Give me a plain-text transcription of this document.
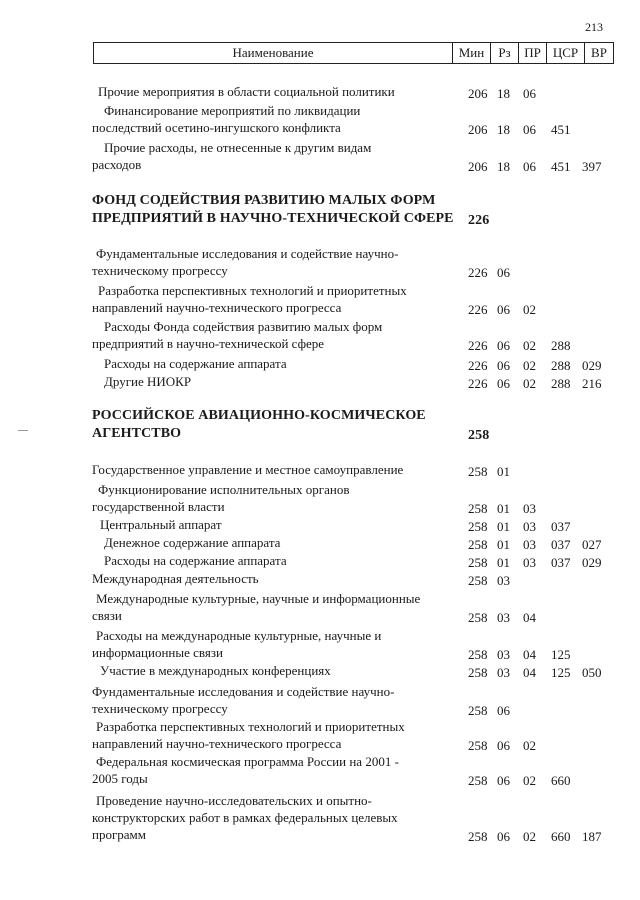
213
Наименование	Мин	Рз	ПР ЦСР ВР
Прочие мероприятия в области социальной политики	206 18 06
Финансирование мероприятий по ликвидации
последствий осетино-ингушского конфликта	206 18 06 451
Прочие расходы, не отнесенные к другим видам
расходов	206 18 06 451 397
ФОНД СОДЕЙСТВИЯ РАЗВИТИЮ МАЛЫХ ФОРМ
ПРЕДПРИЯТИЙ В НАУЧНО-ТЕХНИЧЕСКОЙ СФЕРЕ 226
Фундаментальные исследования и содействие научно-
техническому прогрессу	226 06
Разработка перспективных технологий и приоритетных
направлений научно-технического прогресса	226 06 02
Расходы Фонда содействия развитию малых форм
предприятий в научно-технической сфере	226 06 02 288
Расходы на содержание аппарата	226 06 02 288 029
Другие НИОКР	226 06 02 288 216
РОССИЙСКОЕ АВИАЦИОННО-КОСМИЧЕСКОЕ
АГЕНТСТВО	258
Государственное управление и местное самоуправление	258 01
Функционирование исполнительных органов
государственной власти	258 01 03
Центральный аппарат	258 01 03 037
Денежное содержание аппарата	258 01 03 037 027
Расходы на содержание аппарата	258 01 03 037 029
Международная деятельность	258 03
Международные культурные, научные и информационные
связи	258 03 04
Расходы на международные культурные, научные и
информационные связи	258 03 04 125
Участие в международных конференциях	258 03 04 125 050
Фундаментальные исследования и содействие научно-
техническому прогрессу	258 06
Разработка перспективных технологий и приоритетных
направлений научно-технического прогресса	258 06 02
Федеральная космическая программа России на 2001 -
2005 годы	258 06 02 660
Проведение научно-исследовательских и опытно-
конструкторских работ в рамках федеральных целевых
программ	258 06 02 660 187
